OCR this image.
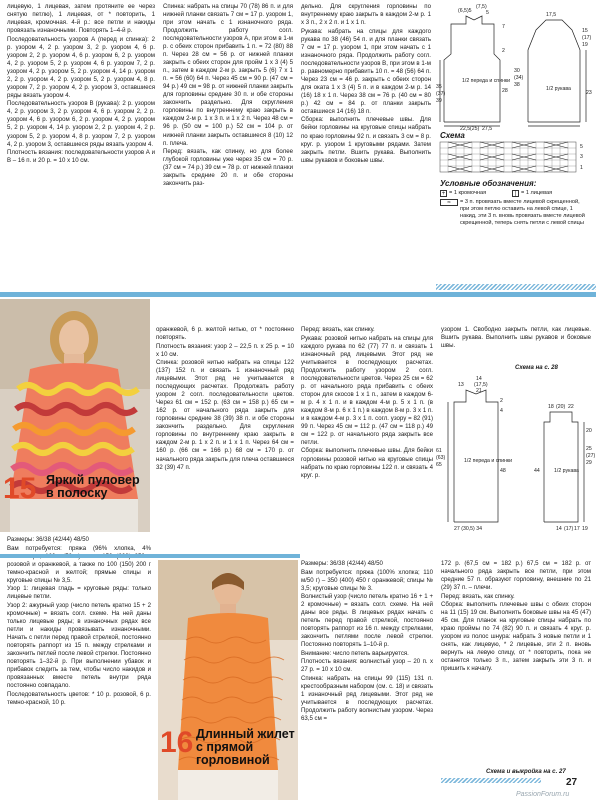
лицевую, 1 лицевая, затем протяните ее через снятую петлю), 1 лицевая, от * повторить, 1 лицевая, кромочная. 4-й р.: все петли и накиды провязать изнаночными. Повторять 1–4-й р.

Последовательность узоров А (перед и спинка): 2 р. узором 4, 2 р. узором 3, 2 р. узором 4, 6 р. узором 2, 2 р. узором 4, 6 р. узором 6, 2 р. узором 4, 2 р. узором 5, 2 р. узором 4, 6 р. узором 7, 2 р. узором 4, 2 р. узором 5, 2 р. узором 4, 14 р. узором 2, 2 р. узором 4, 2 р. узором 5, 2 р. узором 4, 8 р. узором 7, 2 р. узором 4, 2 р. узором 3, оставшиеся ряды вязать узором 4.

Последовательность узоров В (рукава): 2 р. узором 4, 2 р. узором 3, 2 р. узором 4, 6 р. узором 2, 2 р. узором 4, 6 р. узором 6, 2 р. узором 4, 2 р. узором 5, 2 р. узором 4, 14 р. узором 2, 2 р. узором 4, 2 р. узором 5, 2 р. узором 4, 8 р. узором 7, 2 р. узором 4, 2 р. узором 3, оставшиеся ряды вязать узором 4.

Плотность вязания: последовательности узоров А и В – 16 п. и 20 р. = 10 х 10 см.

Спинка: набрать на спицы 70 (78) 86 п. и для нижней планки связать 7 см = 17 р. узором 1, при этом начать с 1 изнаночного ряда. Продолжить работу согл. последовательности узоров А, при этом в 1-м р. с обеих сторон прибавить 1 п. = 72 (80) 88 п. Через 28 см = 56 р. от нижней планки закрыть с обеих сторон для пройм 1 х 3 (4) 5 п., затем в каждом 2-м р. закрыть 5 (6) 7 х 1 п. = 56 (60) 64 п. Через 45 см = 90 р. (47 см = 94 р.) 49 см = 98 р. от нижней планки закрыть для горловины средние 30 п. и обе стороны закончить раздельно. Для скругления горловины по внутреннему краю закрыть в каждом 2-м р. 1 х 3 п. и 1 х 2 п. Через 48 см = 96 р. (50 см = 100 р.) 52 см = 104 р. от нижней планки закрыть оставшиеся 8 (10) 12 п. плеча.

Перед: вязать, как спинку, но для более глубокой горловины уже через 35 см = 70 р. (37 см = 74 р.) 39 см = 78 р. от нижней планки закрыть средние 20 п. и обе стороны закончить раз-

дельно. Для скругления горловины по внутреннему краю закрыть в каждом 2-м р. 1 х 3 п., 2 х 2 п. и 1 х 1 п.

Рукава: набрать на спицы для каждого рукава по 38 (46) 54 п. и для планки связать 7 см = 17 р. узором 1, при этом начать с 1 изнаночного ряда. Продолжить работу согл. последовательности узоров В, при этом в 1-м р. равномерно прибавить 10 п. = 48 (56) 64 п. Через 23 см = 46 р. закрыть с обеих сторон для оката 1 х 3 (4) 5 п. и в каждом 2-м р. 14 (16) 18 х 1 п. Через 38 см = 76 р. (40 см = 80 р.) 42 см = 84 р. от планки закрыть оставшиеся 14 (16) 18 п.

Сборка: выполнить плечевые швы. Для бейки горловины на круговые спицы набрать по краю горловины 92 п. и связать 3 см = 8 р. круг. р. узором 1 круговыми рядами. Затем закрыть петли. Вшить рукава. Выполнить швы рукавов и боковые швы.

(6,5)5
(7,5)
5
7
2
35
(37)
39
1/2 переда и спинки
28
22,5 (25) 27,5
17,5
15
(17)
19
30
(34)
38
1/2 рукава
23
Схема
5
3
1
Условные обозначения:
+ = 1 кромочная	| = 1 лицевая
≈	= 3 п. провязать вместе лицевой скрещенной, при этом петлю оставить на левой спице, 1 накид, эти 3 п. вновь провязать вместе лицевой скрещенной, теперь снять петли с левой спицы
15 Яркий пуловер в полоску

оранжевой, 6 р. желтой нитью, от * постоянно повторять.

Плотность вязания: узор 2 – 22,5 п. х 25 р. = 10 х 10 см.

Спинка: розовой нитью набрать на спицы 122 (137) 152 п. и связать 1 изнаночный ряд лицевыми. Этот ряд не учитывается в последующих расчетах. Продолжать работу узором 2 согл. последовательности цветов. Через 61 см = 152 р. (63 см = 158 р.) 65 см = 162 р. от начального ряда закрыть для горловины средние 38 (39) 38 п. и обе стороны закончить раздельно. Для скругления горловины по внутреннему краю закрыть в каждом 2-м р. 1 х 2 п. и 1 х 1 п. Через 64 см = 160 р. (66 см = 166 р.) 68 см = 170 р. от начального ряда закрыть для плеча оставшиеся 32 (39) 47 п.

Перед: вязать, как спинку.

Рукава: розовой нитью набрать на спицы для каждого рукава по 62 (77) 77 п. и связать 1 изнаночный ряд лицевыми. Этот ряд не учитывается в последующих расчетах. Продолжить работу узором 2 согл. последовательности цветов. Через 25 см = 62 р. от начального ряда прибавить с обеих сторон для скосов 1 х 1 п., затем в каждом 6-м р. 4 х 1 п. и в каждом 4-м р. 5 х 1 п. (в каждом 8-м р. 6 х 1 п.) в каждом 8-м р. 3 х 1 п. и в каждом 4-м р. 3 х 1 п. согл. узору = 82 (91) 99 п. Через 45 см = 112 р. (47 см = 118 р.) 49 см = 122 р. от начального ряда закрыть все петли.

Сборка: выполнить плечевые швы. Для бейки горловины розовой нитью на круговые спицы набрать по краю горловины 122 п. и связать 4 круг. р.

узором 1. Свободно закрыть петли, как лицевые. Вшить рукава. Выполнить швы рукавов и боковые швы.

Схема на с. 28
13
14
(17,5)
21
2
61
(63)
65
1/2 переда и спинки
48
4
18 (20) 22
44	1/2 рукава
25
(27)
29
20
27 (30,5) 34	14 (17) 17 19

Размеры: 36/38 (42/44) 48/50

Вам потребуется: пряжа (96% хлопка, 4% розовой и оранжевой, а также по 100 (150) 200 г темно-красной и желтой; прямые спицы и круговые спицы № 3,5.

Узор 1: лицевая гладь = круговые ряды: только лицевые петли.

Узор 2: ажурный узор (число петель кратно 15 + 2 кромочные) = вязать согл. схеме. На ней даны только лицевые ряды; в изнаночных рядах все петли и накиды провязывать изнаночными. Начать с петли перед правой стрелкой, постоянно повторять раппорт из 15 п. между стрелками и закончить петлей после левой стрелки. Постоянно повторять 1–32-й р. При выполнении убавок и прибавок следить за тем, чтобы число накидов и провязанных вместе петель внутри ряда постоянно совпадало.

Последовательность цветов: * 10 р. розовой, 6 р. темно-красной, 10 р.

16 Длинный жилет с прямой горловиной

Размеры: 36/38 (42/44) 48/50

Вам потребуется: пряжа (100% хлопка; 110 м/50 г) – 350 (400) 450 г оранжевой; спицы № 3,5; круговые спицы № 3.

Волнистый узор (число петель кратно 16 + 1 + 2 кромочные) = вязать согл. схеме. На ней даны все ряды. В лицевых рядах начать с петель перед правой стрелкой, постоянно повторять раппорт из 16 п. между стрелками, закончить петлями после левой стрелки. Постоянно повторять 1–10-й р.

Внимание: число петель варьируется.

Плотность вязания: волнистый узор – 20 п. х 27 р. = 10 х 10 см.

Спинка: набрать на спицы 99 (115) 131 п. крестообразным набором (см. с. 18) и связать 1 изнаночный ряд лицевыми. Этот ряд не учитывается в последующих расчетах. Продолжить работу волнистым узором. Через 63,5 см =

172 р. (67,5 см = 182 р.) 67,5 см = 182 р. от начального ряда закрыть все петли, при этом средние 57 п. образуют горловину, внешние по 21 (29) 37 п. – плечи.

Перед: вязать, как спинку.

Сборка: выполнить плечевые швы с обеих сторон на 11 (15) 19 см. Выполнить боковые швы на 45 (47) 45 см. Для планок на круговые спицы набрать по краю проймы по 74 (82) 90 п. и связать 4 круг. р. узором из полос шнура: набрать 3 новые петли и 1 снять, как лицевую, * 2 лицевые, эти 2 п. вновь вернуть на левую спицу, от * повторить, пока не останется только 3 п., затем закрыть эти 3 п. и пришить к началу.

Схема и выкройка на с. 27
27
PassionForum.ru
